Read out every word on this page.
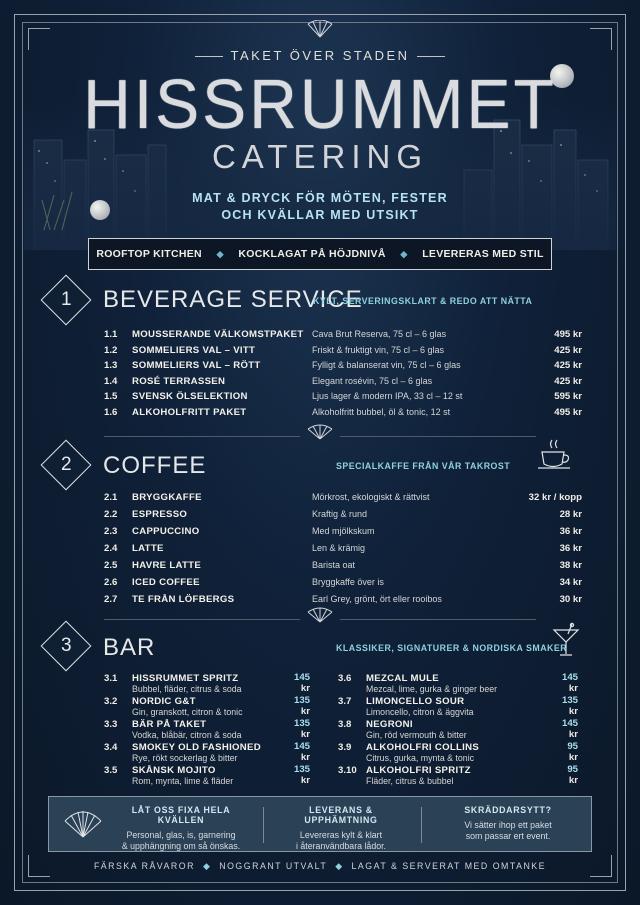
TAKET ÖVER STADEN
HISSRUMMET
CATERING
MAT & DRYCK FÖR MÖTEN, FESTER
OCH KVÄLLAR MED UTSIKT
ROOFTOP KITCHEN ◆ KOCKLAGAT PÅ HÖJDNIVÅ ◆ LEVERERAS MED STIL
1	BEVERAGE SERVICE
KYLT, SERVERINGSKLART & REDO ATT NÄTTA
1.1 MOUSSERANDE VÄLKOMSTPAKET Cava Brut Reserva, 75 cl – 6 glas	495 kr
1.2 SOMMELIERS VAL – VITT	Friskt & fruktigt vin, 75 cl – 6 glas	425 kr
1.3 SOMMELIERS VAL – RÖTT	Fylligt & balanserat vin, 75 cl – 6 glas	425 kr
1.4 ROSÉ TERRASSEN	Elegant rosévin, 75 cl – 6 glas	425 kr
1.5 SVENSK ÖLSELEKTION	Ljus lager & modern IPA, 33 cl – 12 st	595 kr
1.6 ALKOHOLFRITT PAKET	Alkoholfritt bubbel, öl & tonic, 12 st	495 kr
2	COFFEE	SPECIALKAFFE FRÅN VÅR TAKROST
2.1 BRYGGKAFFE	Mörkrost, ekologiskt & rättvist	32 kr / kopp
2.2 ESPRESSO	Kraftig & rund	28 kr
2.3 CAPPUCCINO	Med mjölkskum	36 kr
2.4 LATTE	Len & krämig	36 kr
2.5 HAVRE LATTE	Barista oat	38 kr
2.6 ICED COFFEE	Bryggkaffe över is	34 kr
2.7 TE FRÅN LÖFBERGS	Earl Grey, grönt, ört eller rooibos	30 kr
3	BAR	KLASSIKER, SIGNATURER & NORDISKA SMAKER
3.1 HISSRUMMET SPRITZ
Bubbel, fläder, citrus & soda
145
kr
3.2 NORDIC G&T
Gin, granskott, citron & tonic
135
kr
3.3 BÄR PÅ TAKET
Vodka, blåbär, citron & soda
135
kr
3.4 SMOKEY OLD FASHIONED
Rye, rökt sockerlag & bitter
145
kr
3.5 SKÅNSK MOJITO
Rom, mynta, lime & fläder
135
kr
3.6 MEZCAL MULE
Mezcal, lime, gurka & ginger beer
145
kr
3.7 LIMONCELLO SOUR
Limoncello, citron & äggvita
135
kr
3.8 NEGRONI
Gin, röd vermouth & bitter
145
kr
3.9 ALKOHOLFRI COLLINS
Citrus, gurka, mynta & tonic
95
kr
3.10 ALKOHOLFRI SPRITZ
Fläder, citrus & bubbel
95
kr
LÅT OSS FIXA HELA KVÄLLEN
Personal, glas, is, garnering
& upphängning om så önskas.
LEVERANS & UPPHÄMTNING
Levereras kylt & klart
i återanvändbara lådor.
SKRÄDDARSYTT?
Vi sätter ihop ett paket
som passar ert event.
FÄRSKA RÅVAROR ◆ NOGGRANT UTVALT ◆ LAGAT & SERVERAT MED OMTANKE
